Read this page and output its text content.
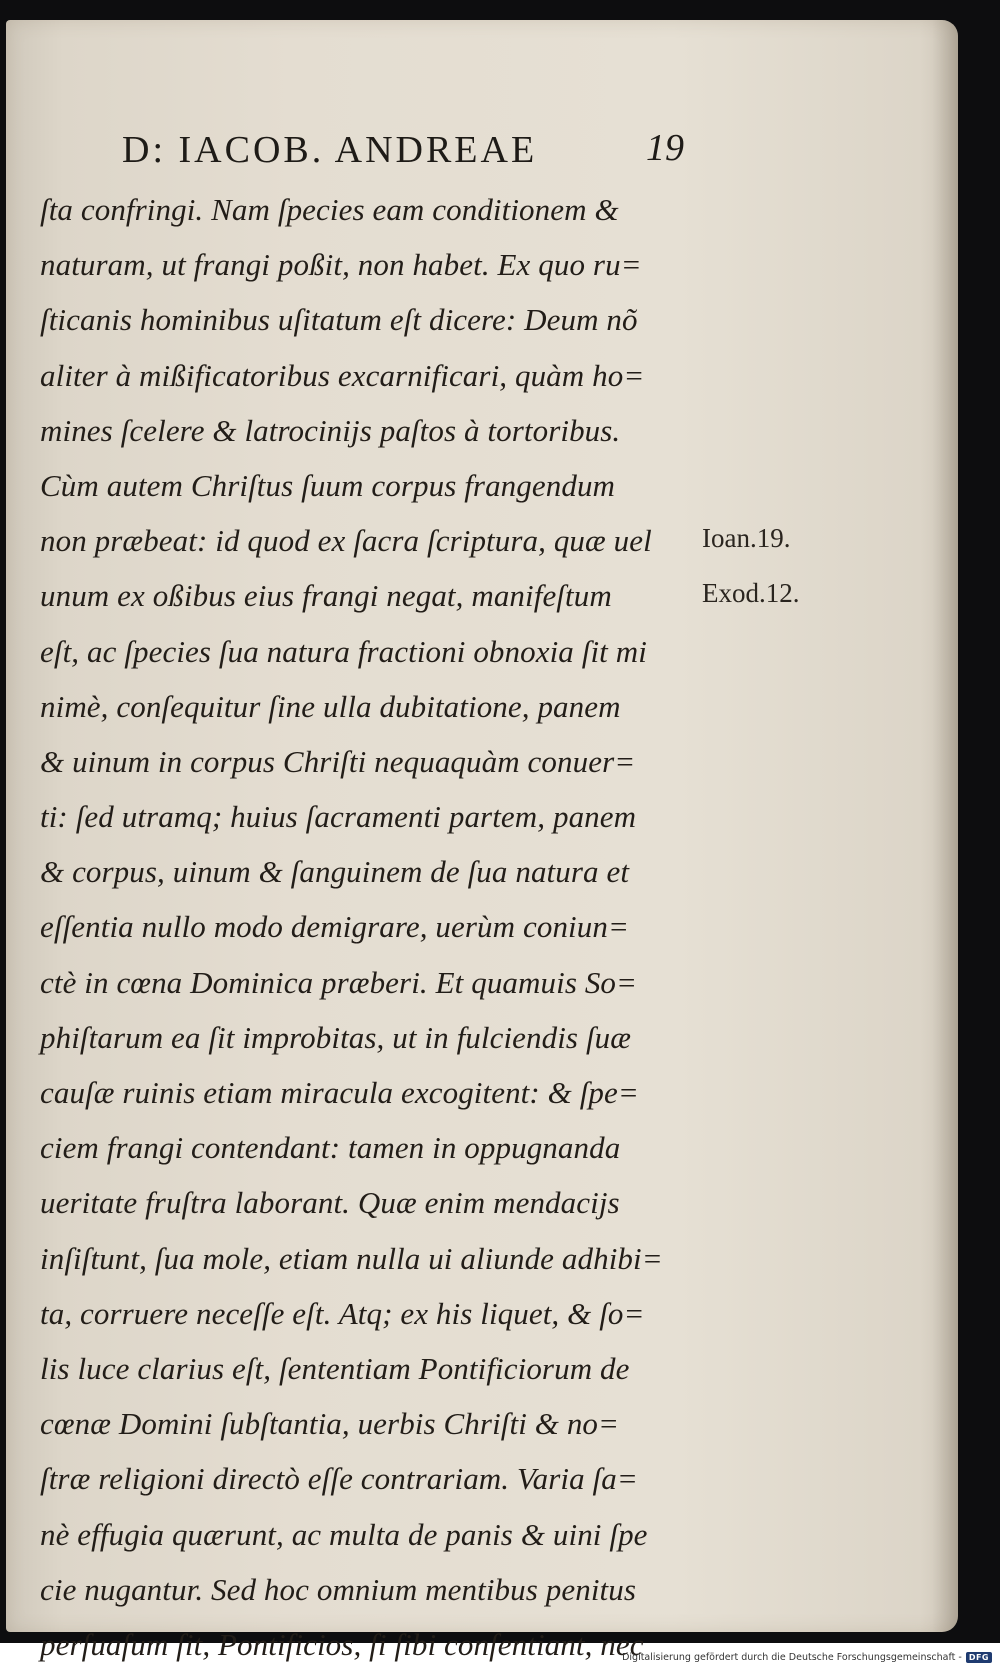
D: IACOB. ANDREAE	19
ſta confringi. Nam ſpecies eam conditionem &
naturam, ut frangi poßit, non habet. Ex quo ru=
ſticanis hominibus uſitatum eſt dicere: Deum nõ
aliter à mißificatoribus excarnificari, quàm ho=
mines ſcelere & latrocinijs paſtos à tortoribus.
Cùm autem Chriſtus ſuum corpus frangendum
non præbeat: id quod ex ſacra ſcriptura, quæ uel
unum ex oßibus eius frangi negat, manifeſtum
eſt, ac ſpecies ſua natura fractioni obnoxia ſit mi
nimè, conſequitur ſine ulla dubitatione, panem
& uinum in corpus Chriſti nequaquàm conuer=
ti: ſed utramq; huius ſacramenti partem, panem
& corpus, uinum & ſanguinem de ſua natura et
eſſentia nullo modo demigrare, uerùm coniun=
ctè in cœna Dominica præberi. Et quamuis So=
phiſtarum ea ſit improbitas, ut in fulciendis ſuæ
cauſæ ruinis etiam miracula excogitent: & ſpe=
ciem frangi contendant: tamen in oppugnanda
ueritate fruſtra laborant. Quæ enim mendacijs
inſiſtunt, ſua mole, etiam nulla ui aliunde adhibi=
ta, corruere neceſſe eſt. Atq; ex his liquet, & ſo=
lis luce clarius eſt, ſententiam Pontificiorum de
cœnæ Domini ſubſtantia, uerbis Chriſti & no=
ſtræ religioni directò eſſe contrariam. Varia ſa=
nè effugia quærunt, ac multa de panis & uini ſpe
cie nugantur. Sed hoc omnium mentibus penitus
perſuaſum ſit, Pontificios, ſi ſibi conſentiant, nec
Ioan.19.
Exod.12.
Digitalisierung gefördert durch die Deutsche Forschungsgemeinschaft - DFG
